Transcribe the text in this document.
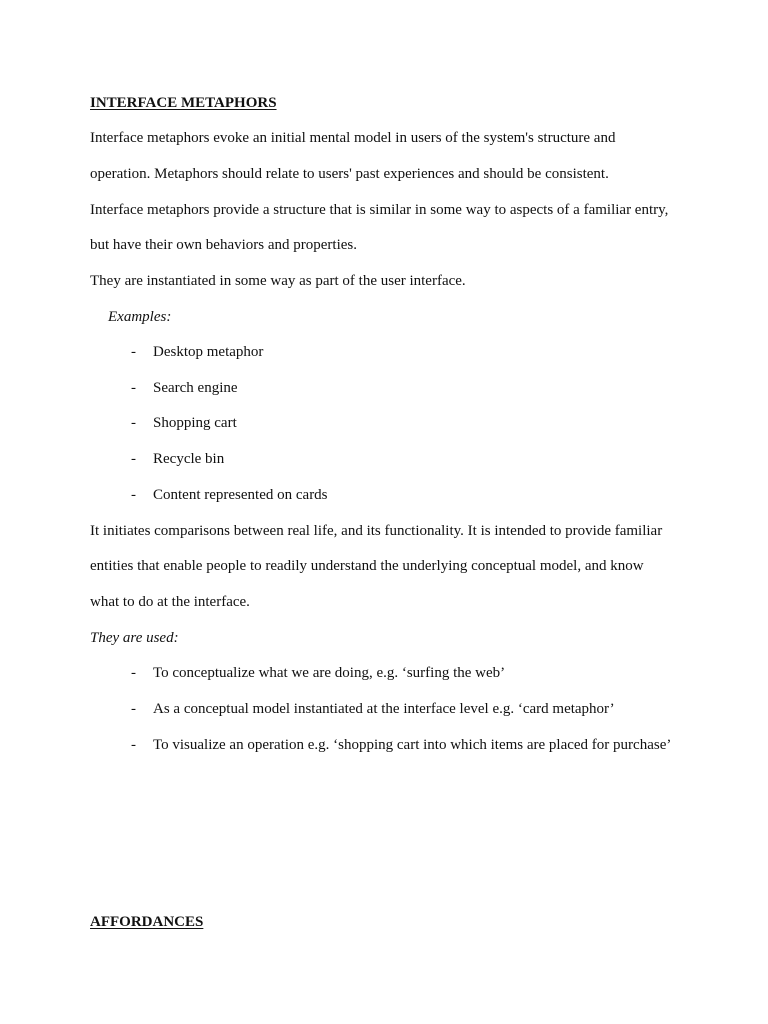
INTERFACE METAPHORS
Interface metaphors evoke an initial mental model in users of the system's structure and
operation. Metaphors should relate to users' past experiences and should be consistent.
Interface metaphors provide a structure that is similar in some way to aspects of a familiar entry,
but have their own behaviors and properties.
They are instantiated in some way as part of the user interface.
Examples:
- Desktop metaphor
- Search engine
- Shopping cart
- Recycle bin
- Content represented on cards
It initiates comparisons between real life, and its functionality. It is intended to provide familiar
entities that enable people to readily understand the underlying conceptual model, and know
what to do at the interface.
They are used:
- To conceptualize what we are doing, e.g. ‘surfing the web’
- As a conceptual model instantiated at the interface level e.g. ‘card metaphor’
- To visualize an operation e.g. ‘shopping cart into which items are placed for purchase’
AFFORDANCES
